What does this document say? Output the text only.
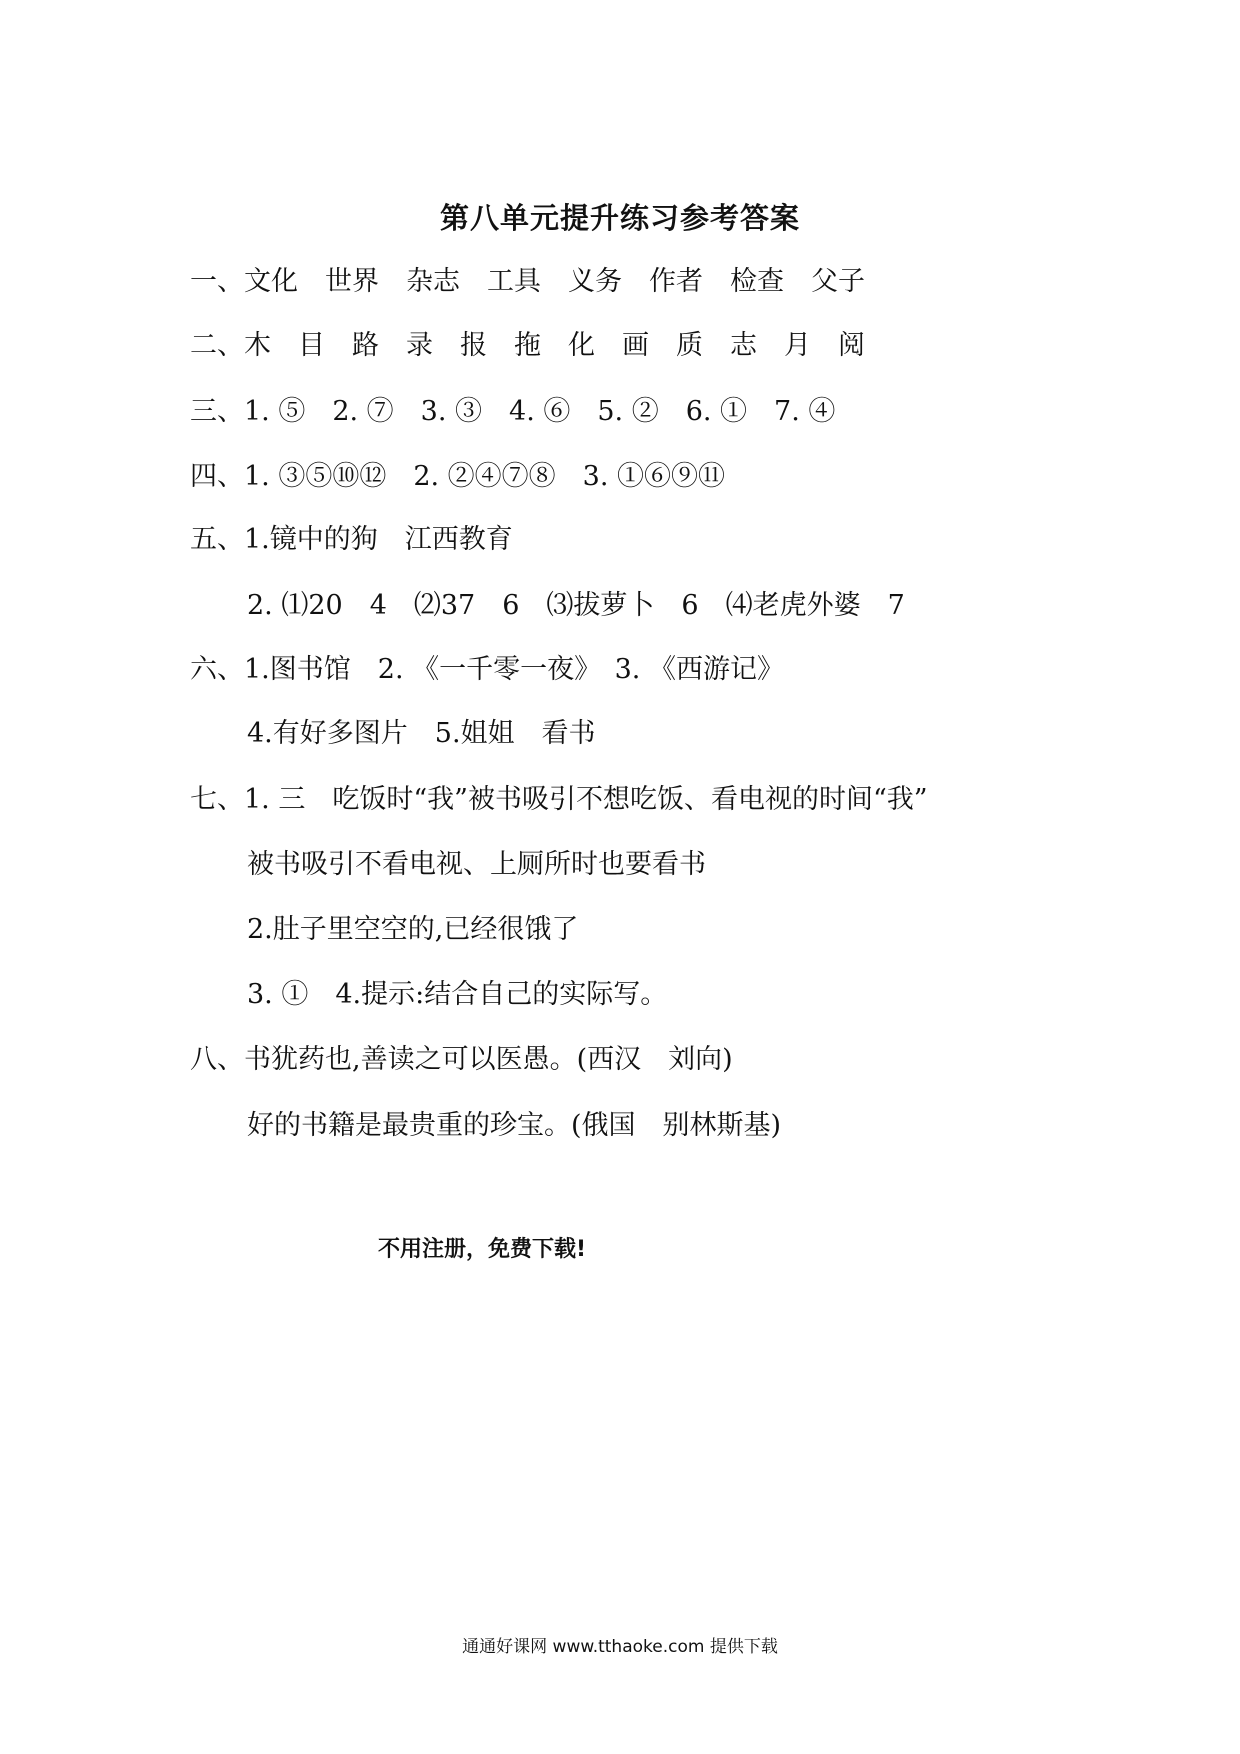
第八单元提升练习参考答案
一、文化　世界　杂志　工具　义务　作者　检查　父子
二、木　目　路　录　报　拖　化　画　质　志　月　阅
三、1. ⑤　2. ⑦　3. ③　4. ⑥　5. ②　6. ①　7. ④
四、1. ③⑤⑩⑫　2. ②④⑦⑧　3. ①⑥⑨⑪
五、1.镜中的狗　江西教育
2. ⑴20　4　⑵37　6　⑶拔萝卜　6　⑷老虎外婆　7
六、1.图书馆　2. 《一千零一夜》　3. 《西游记》
4.有好多图片　5.姐姐　看书
七、1. 三　吃饭时“我”被书吸引不想吃饭、看电视的时间“我”
被书吸引不看电视、上厕所时也要看书
2.肚子里空空的,已经很饿了
3. ①　4.提示:结合自己的实际写。
八、书犹药也,善读之可以医愚。(西汉　刘向)
好的书籍是最贵重的珍宝。(俄国　别林斯基)
不用注册，免费下载!
通通好课网 www.tthaoke.com 提供下载
